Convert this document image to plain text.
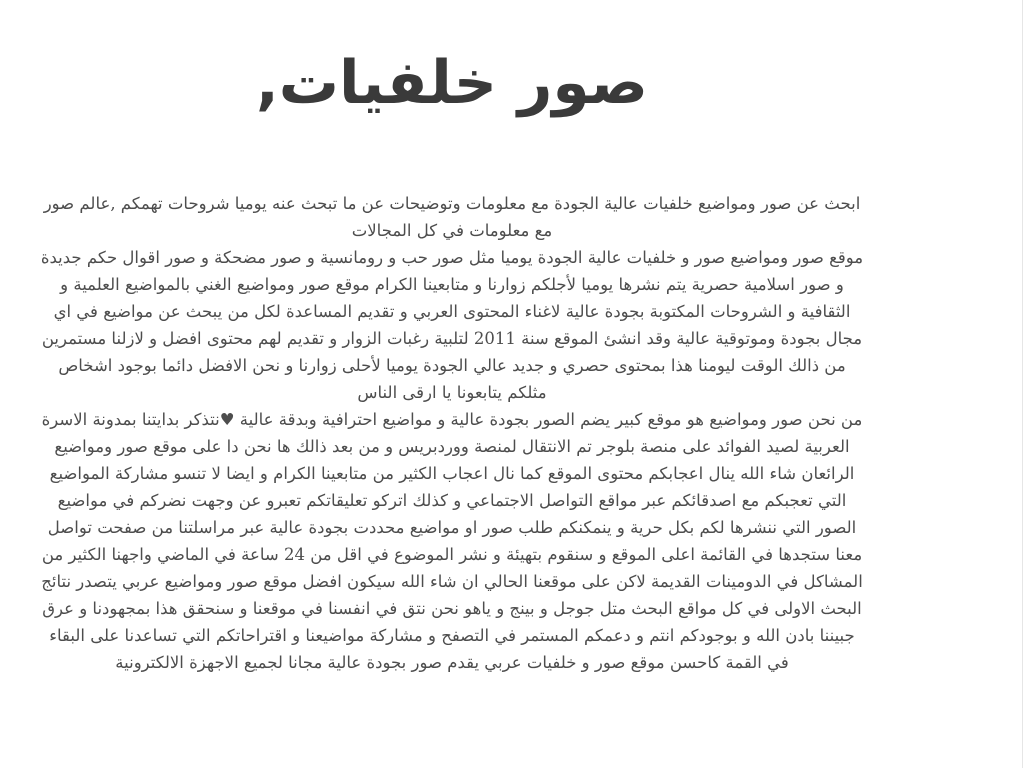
صور خلفيات,

ابحث عن صور ومواضيع خلفيات عالية الجودة مع معلومات وتوضيحات عن ما تبحث عنه يوميا شروحات تهمكم ,عالم صور مع معلومات في كل المجالات

موقع صور ومواضيع صور و خلفيات عالية الجودة يوميا مثل صور حب و رومانسية و صور مضحكة و صور اقوال حكم جديدة و صور اسلامية حصرية يتم نشرها يوميا لأجلكم زوارنا و متابعينا الكرام موقع صور ومواضيع الغني بالمواضيع العلمية و الثقافية و الشروحات المكتوبة بجودة عالية لاغناء المحتوى العربي و تقديم المساعدة لكل من يبحث عن مواضيع في اي مجال بجودة وموتوقية عالية وقد انشئ الموقع سنة 2011 لتلبية رغبات الزوار و تقديم لهم محتوى افضل و لازلنا مستمرين من ذالك الوقت ليومنا هذا بمحتوى حصري و جديد عالي الجودة يوميا لأحلى زوارنا و نحن الافضل دائما بوجود اشخاص مثلكم يتابعونا يا ارقى الناس

من نحن صور ومواضيع هو موقع كبير يضم الصور بجودة عالية و مواضيع احترافية وبدقة عالية ♥نتذكر بدايتنا بمدونة الاسرة العربية لصيد الفوائد على منصة بلوجر تم الانتقال لمنصة ووردبريس و من بعد ذالك ها نحن دا على موقع صور ومواضيع الرائعان شاء الله ينال اعجابكم محتوى الموقع كما نال اعجاب الكثير من متابعينا الكرام و ايضا لا تنسو مشاركة المواضيع التي تعجبكم مع اصدقائكم عبر مواقع التواصل الاجتماعي و كذلك اتركو تعليقاتكم تعبرو عن وجهت نضركم في مواضيع الصور التي ننشرها لكم بكل حرية و ينمكنكم طلب صور او مواضيع محددت بجودة عالية عبر مراسلتنا من صفحت تواصل معنا ستجدها في القائمة اعلى الموقع و سنقوم بتهيئة و نشر الموضوع في اقل من 24 ساعة في الماضي واجهنا الكثير من المشاكل في الدومينات القديمة لاكن على موقعنا الحالي ان شاء الله سيكون افضل موقع صور ومواضيع عربي يتصدر نتائج البحث الاولى في كل مواقع البحث متل جوجل و بينج و ياهو نحن نتق في انفسنا في موقعنا و سنحقق هذا بمجهودنا و عرق جبيننا بادن الله و بوجودكم انتم و دعمكم المستمر في التصفح و مشاركة مواضيعنا و اقتراحاتكم التي تساعدنا على البقاء في القمة كاحسن موقع صور و خلفيات عربي يقدم صور بجودة عالية مجانا لجميع الاجهزة الالكترونية
